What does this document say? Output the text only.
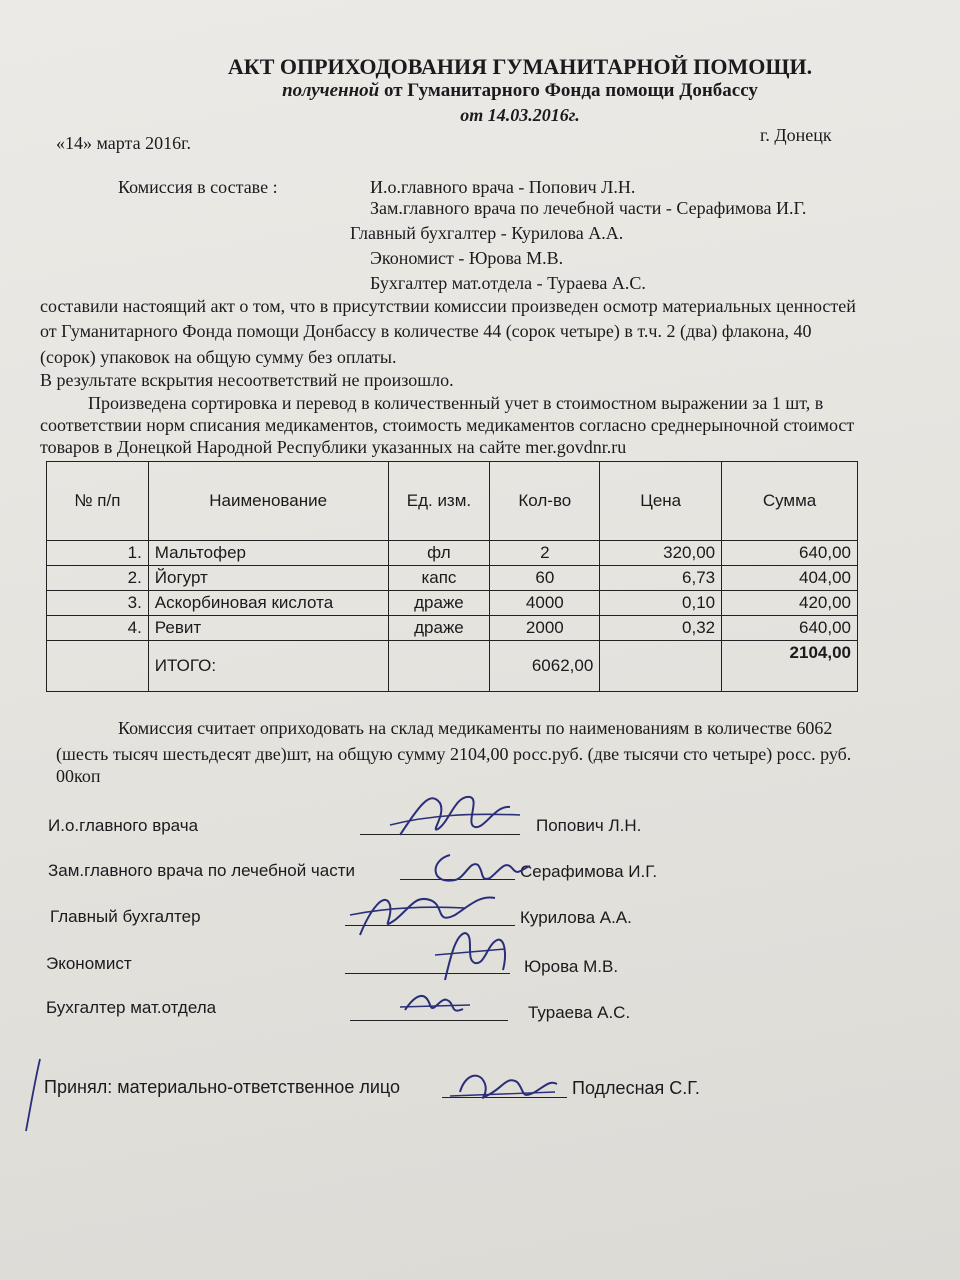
АКТ ОПРИХОДОВАНИЯ ГУМАНИТАРНОЙ ПОМОЩИ.
полученной от Гуманитарного Фонда помощи Донбассу
от 14.03.2016г.
«14» марта 2016г.	г. Донецк
Комиссия в составе :	И.о.главного врача - Попович Л.Н.
Зам.главного врача по лечебной части - Серафимова И.Г.
Главный бухгалтер - Курилова А.А.
Экономист - Юрова М.В.
Бухгалтер мат.отдела - Тураева А.С.
составили настоящий акт о том, что в присутствии комиссии произведен осмотр материальных ценностей
от Гуманитарного Фонда помощи Донбассу в количестве 44 (сорок четыре) в т.ч. 2 (два) флакона, 40
(сорок) упаковок на общую сумму без оплаты.
В результате вскрытия несоответствий не произошло.
Произведена сортировка и перевод в количественный учет в стоимостном выражении за 1 шт, в
соответствии норм списания медикаментов, стоимость медикаментов согласно среднерыночной стоимост
товаров в Донецкой Народной Республики указанных на сайте mer.govdnr.ru
№ п/п	Наименование	Ед. изм.	Кол-во	Цена	Сумма
1.	Мальтофер	фл	2	320,00	640,00
2.	Йогурт	капс	60	6,73	404,00
3.	Аскорбиновая кислота	драже	4000	0,10	420,00
4.	Ревит	драже	2000	0,32	640,00
	ИТОГО:		6062,00		2104,00
Комиссия считает оприходовать на склад медикаменты по наименованиям в количестве 6062
(шесть тысяч шестьдесят две)шт, на общую сумму 2104,00 росс.руб. (две тысячи сто четыре) росс. руб.
00коп
И.о.главного врача	Попович Л.Н.
Зам.главного врача по лечебной части	Серафимова И.Г.
Главный бухгалтер	Курилова А.А.
Экономист	Юрова М.В.
Бухгалтер мат.отдела	Тураева А.С.
Принял: материально-ответственное лицо	Подлесная С.Г.
